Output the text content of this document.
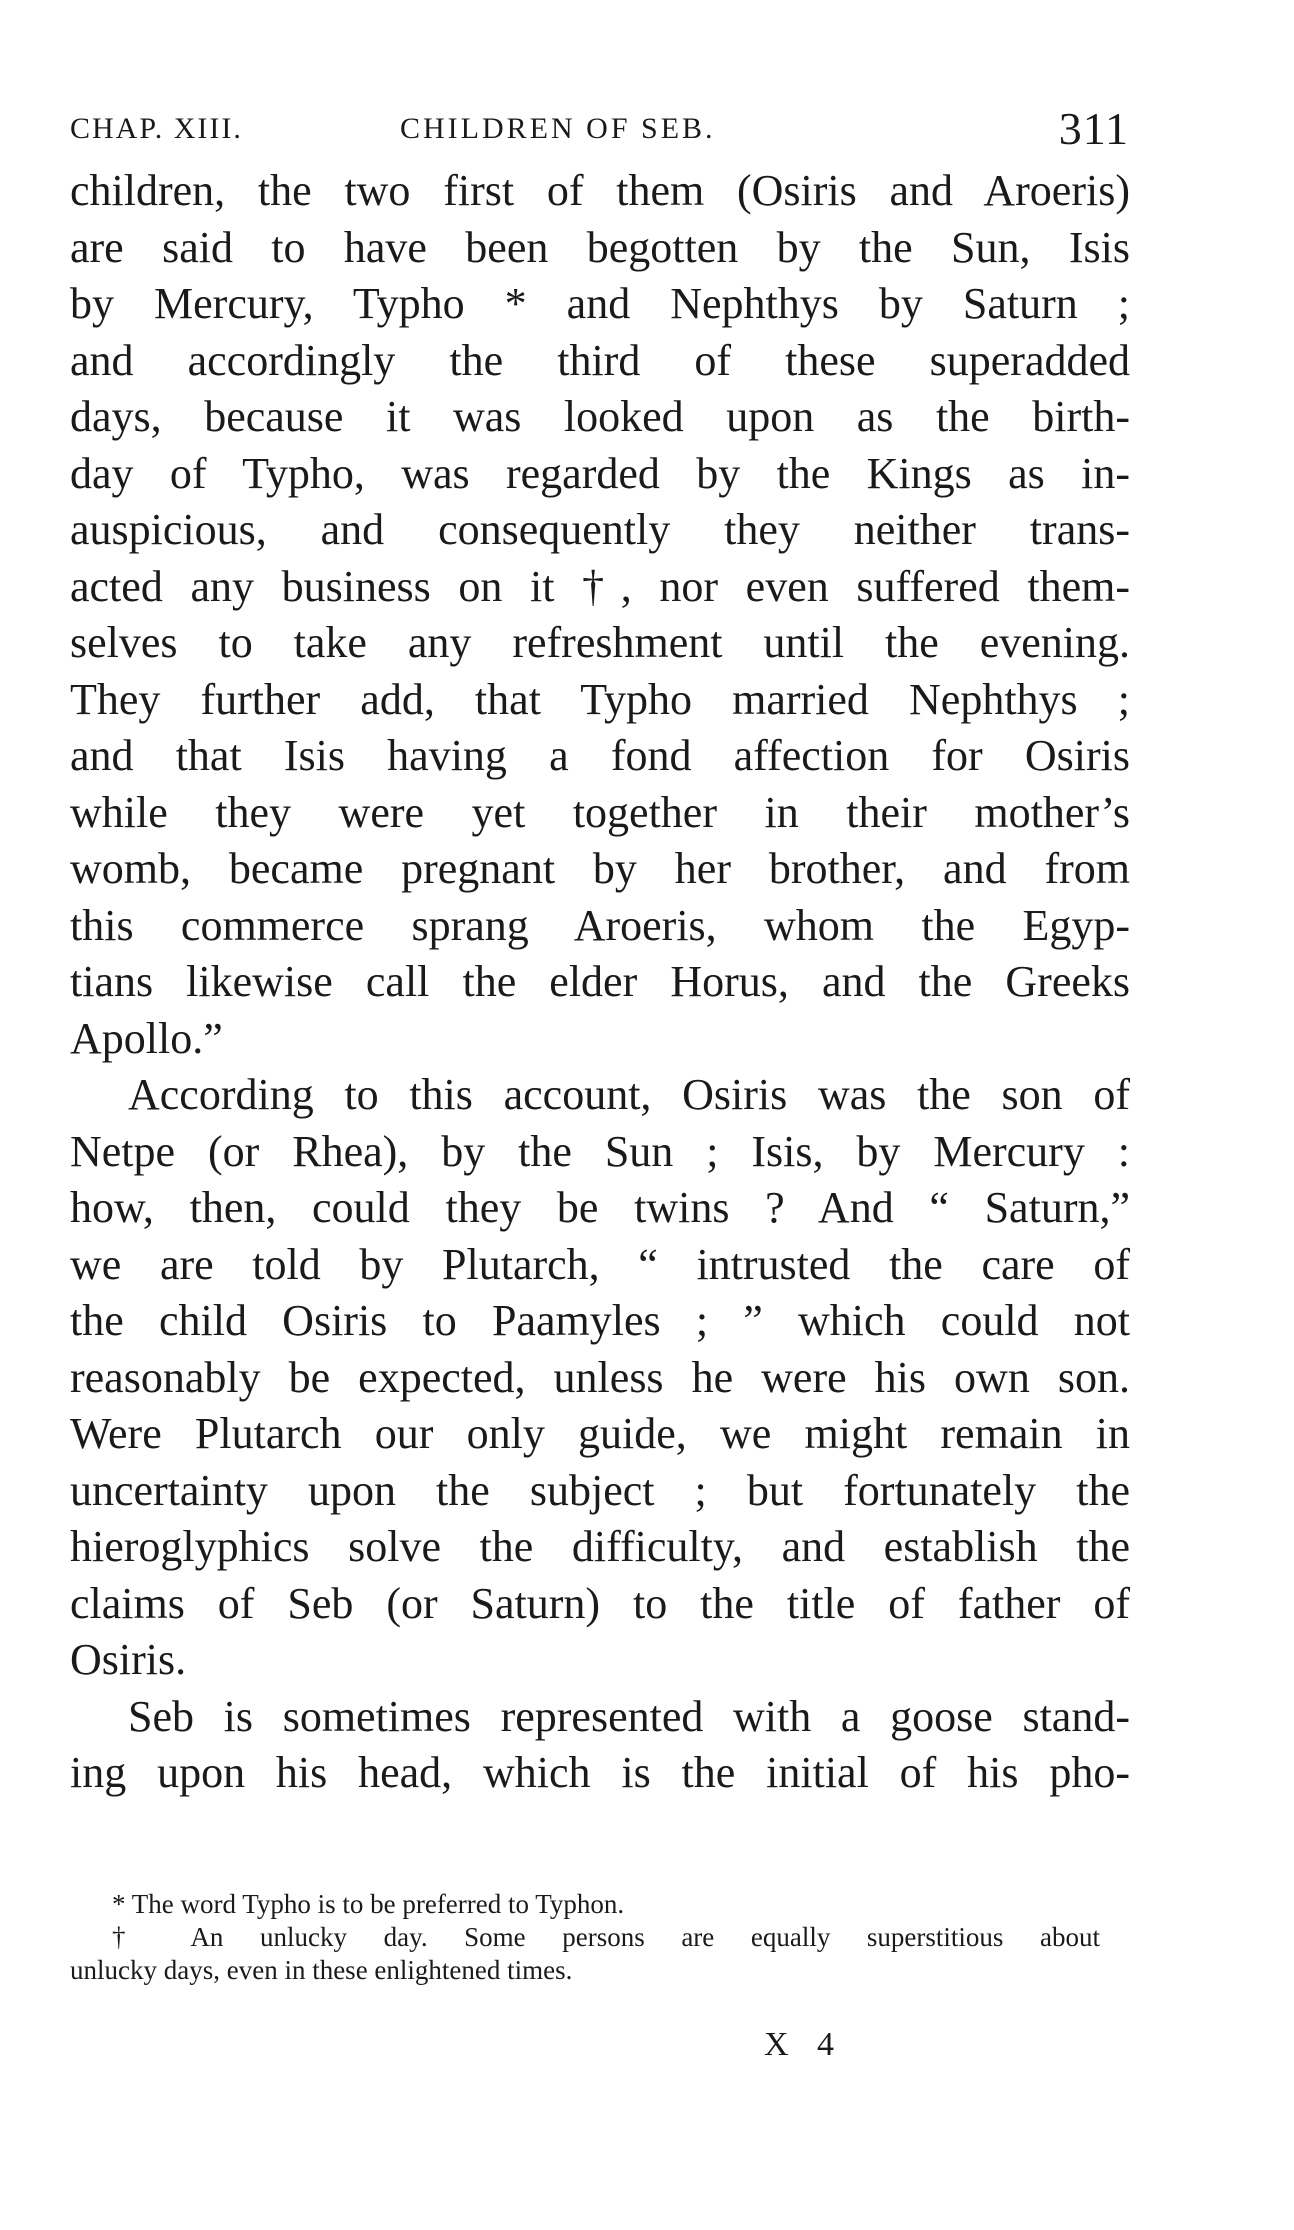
CHAP. XIII.	CHILDREN OF SEB.	311
children, the two first of them (Osiris and Aroeris)
are said to have been begotten by the Sun, Isis
by Mercury, Typho * and Nephthys by Saturn ;
and accordingly the third of these superadded
days, because it was looked upon as the birth-
day of Typho, was regarded by the Kings as in-
auspicious, and consequently they neither trans-
acted any business on it †, nor even suffered them-
selves to take any refreshment until the evening.
They further add, that Typho married Nephthys ;
and that Isis having a fond affection for Osiris
while they were yet together in their mother’s
womb, became pregnant by her brother, and from
this commerce sprang Aroeris, whom the Egyp-
tians likewise call the elder Horus, and the Greeks
Apollo.”
According to this account, Osiris was the son of
Netpe (or Rhea), by the Sun ; Isis, by Mercury :
how, then, could they be twins ? And “ Saturn,”
we are told by Plutarch, “ intrusted the care of
the child Osiris to Paamyles ; ” which could not
reasonably be expected, unless he were his own son.
Were Plutarch our only guide, we might remain in
uncertainty upon the subject ; but fortunately the
hieroglyphics solve the difficulty, and establish the
claims of Seb (or Saturn) to the title of father of
Osiris.
Seb is sometimes represented with a goose stand-
ing upon his head, which is the initial of his pho-
* The word Typho is to be preferred to Typhon.
† An unlucky day. Some persons are equally superstitious about
unlucky days, even in these enlightened times.
X 4
